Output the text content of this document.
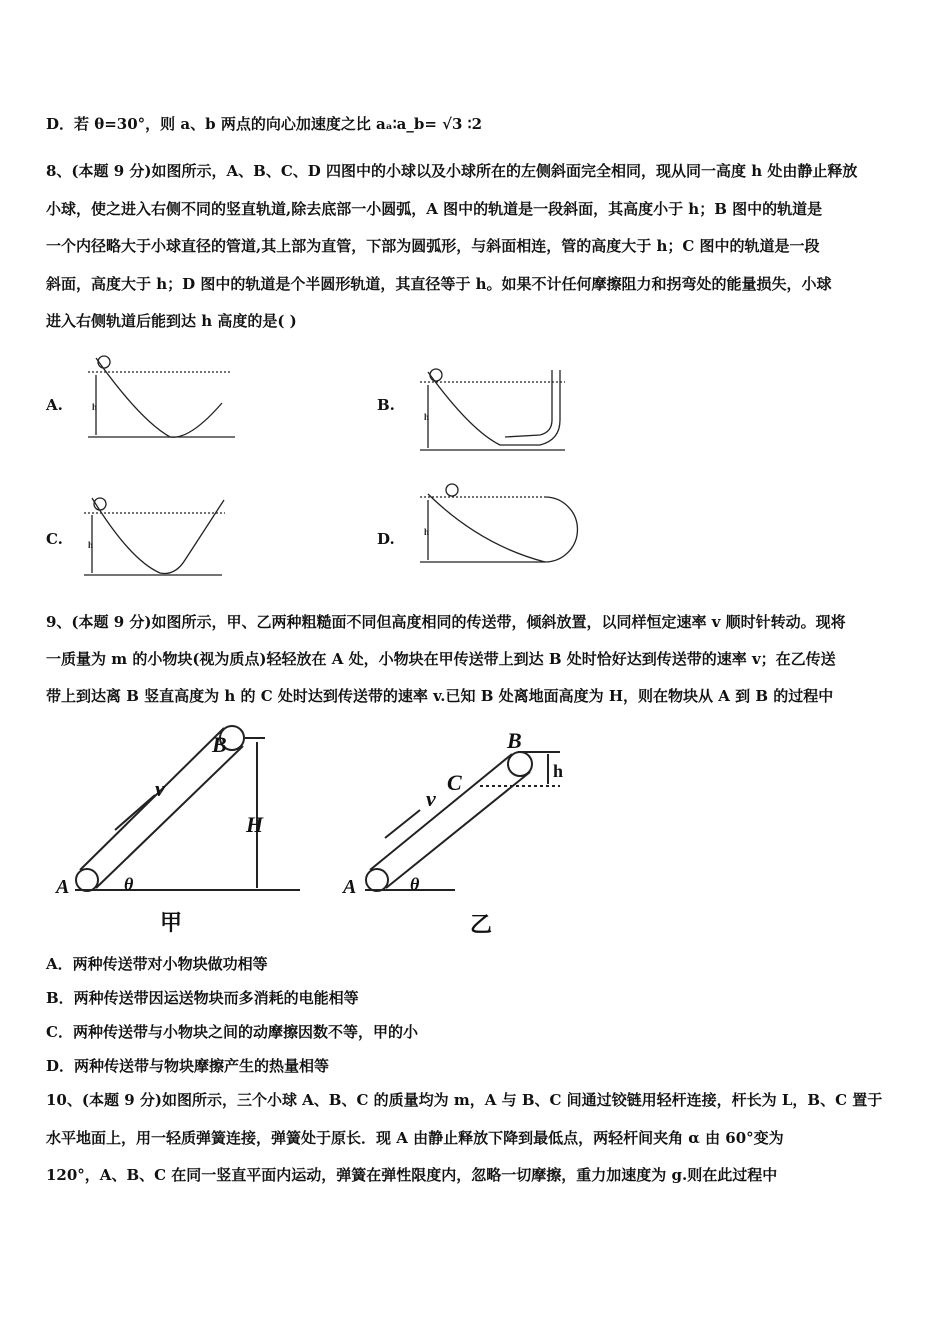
D．若 θ=30°，则 a、b 两点的向心加速度之比 aₐ∶a_b= √3 ∶2
8、(本题 9 分)如图所示，A、B、C、D 四图中的小球以及小球所在的左侧斜面完全相同，现从同一高度 h 处由静止释放
小球，使之进入右侧不同的竖直轨道,除去底部一小圆弧，A 图中的轨道是一段斜面，其高度小于 h；B 图中的轨道是
一个内径略大于小球直径的管道,其上部为直管，下部为圆弧形，与斜面相连，管的高度大于 h；C 图中的轨道是一段
斜面，高度大于 h；D 图中的轨道是个半圆形轨道，其直径等于 h。如果不计任何摩擦阻力和拐弯处的能量损失，小球
进入右侧轨道后能到达 h 高度的是( )
A.	B.
C.	D.
h
h
h
h
B
v
H
A	θ
甲
B
C
v
h
A	θ
乙
9、(本题 9 分)如图所示，甲、乙两种粗糙面不同但高度相同的传送带，倾斜放置，以同样恒定速率 v 顺时针转动。现将
一质量为 m 的小物块(视为质点)轻轻放在 A 处，小物块在甲传送带上到达 B 处时恰好达到传送带的速率 v；在乙传送
带上到达离 B 竖直高度为 h 的 C 处时达到传送带的速率 v.已知 B 处离地面高度为 H，则在物块从 A 到 B 的过程中
A．两种传送带对小物块做功相等
B．两种传送带因运送物块而多消耗的电能相等
C．两种传送带与小物块之间的动摩擦因数不等，甲的小
D．两种传送带与物块摩擦产生的热量相等
10、(本题 9 分)如图所示，三个小球 A、B、C 的质量均为 m，A 与 B、C 间通过铰链用轻杆连接，杆长为 L，B、C 置于
水平地面上，用一轻质弹簧连接，弹簧处于原长．现 A 由静止释放下降到最低点，两轻杆间夹角 α 由 60°变为
120°，A、B、C 在同一竖直平面内运动，弹簧在弹性限度内，忽略一切摩擦，重力加速度为 g.则在此过程中
